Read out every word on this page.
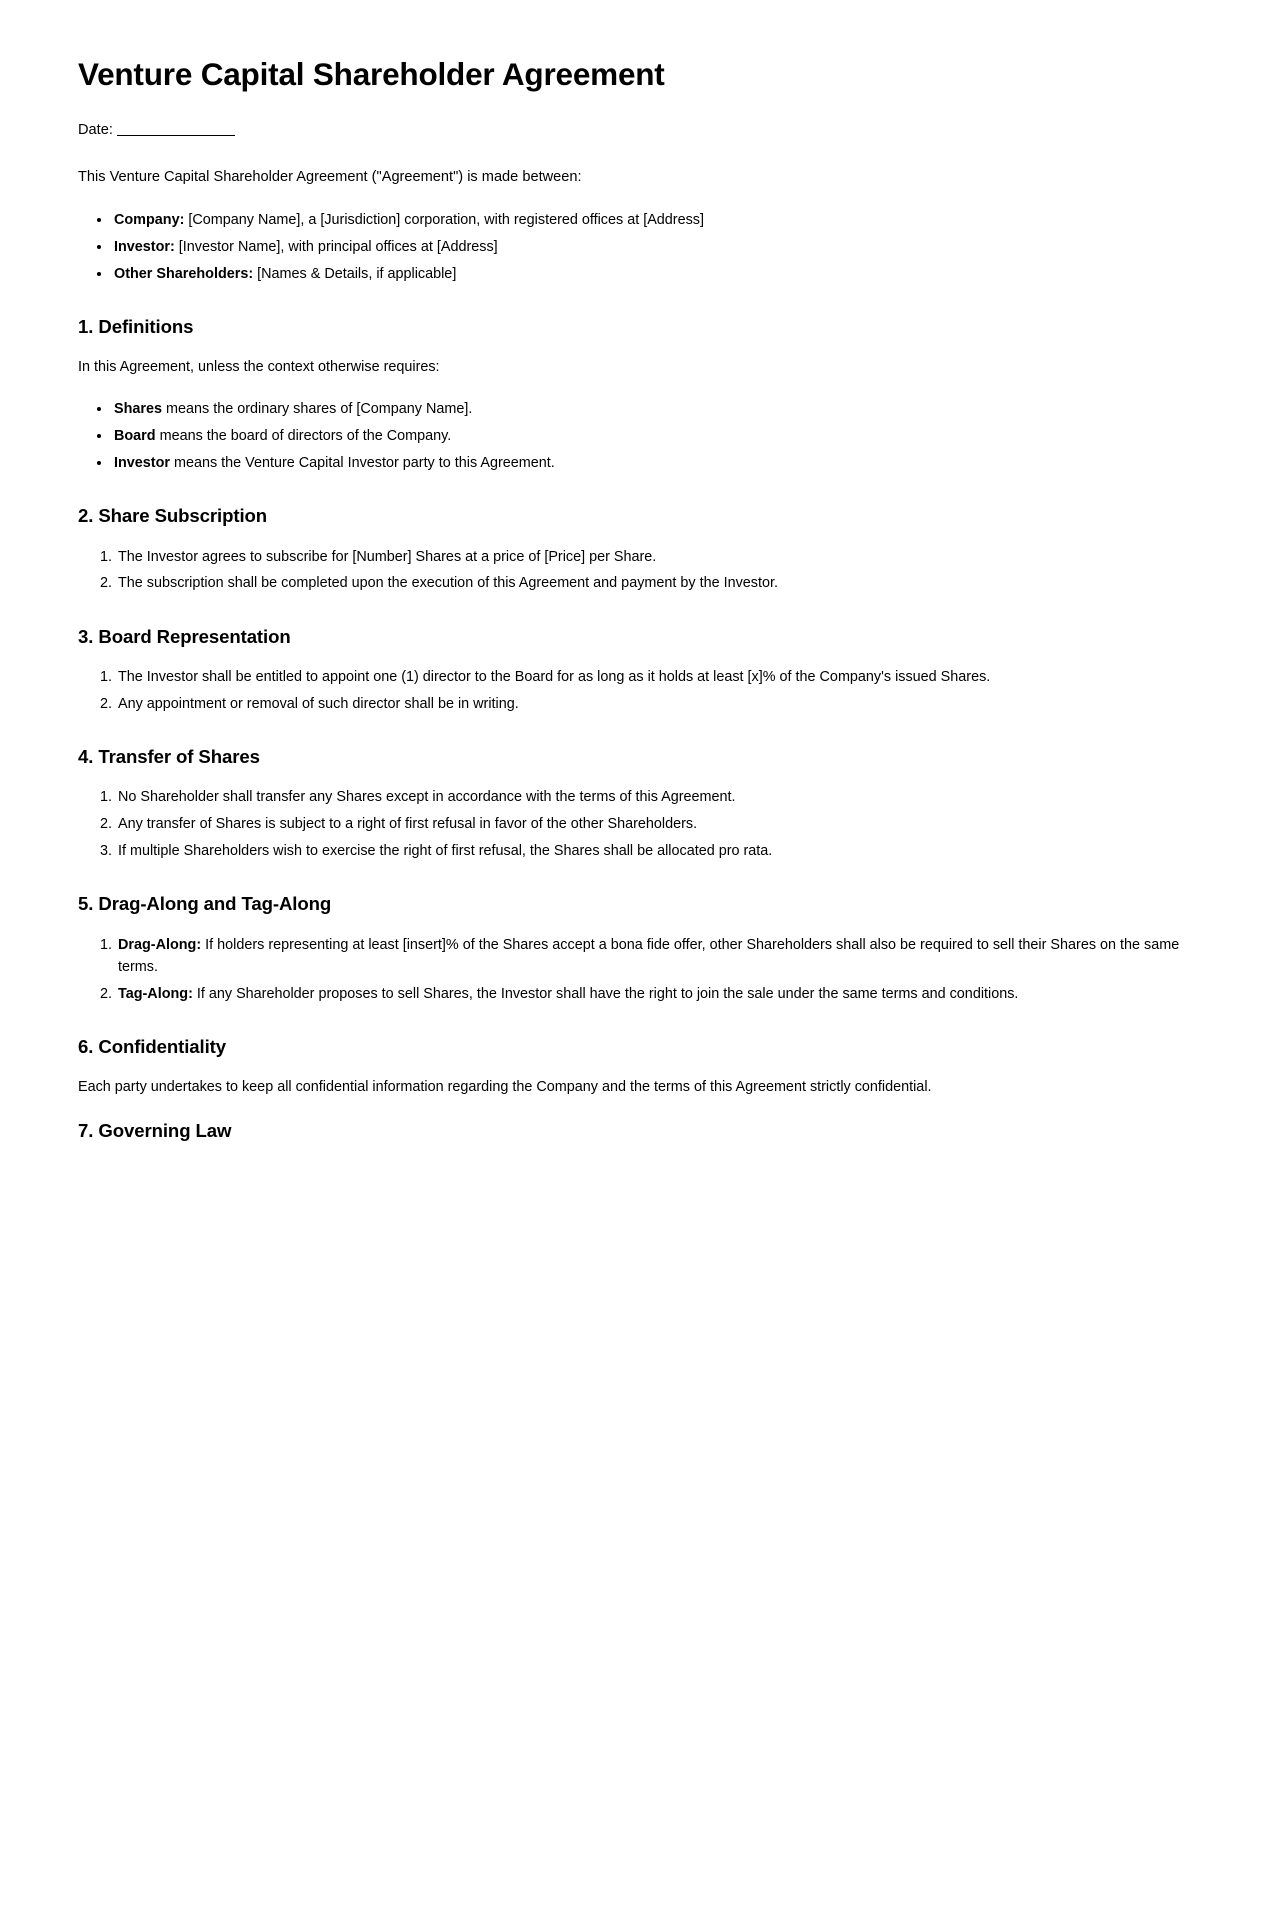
Venture Capital Shareholder Agreement
Date:

This Venture Capital Shareholder Agreement ("Agreement") is made between:

• Company: [Company Name], a [Jurisdiction] corporation, with registered offices at [Address]
• Investor: [Investor Name], with principal offices at [Address]
• Other Shareholders: [Names & Details, if applicable]
1. Definitions

In this Agreement, unless the context otherwise requires:

• Shares means the ordinary shares of [Company Name].
• Board means the board of directors of the Company.
• Investor means the Venture Capital Investor party to this Agreement.
2. Share Subscription
1. The Investor agrees to subscribe for [Number] Shares at a price of [Price] per Share.
2. The subscription shall be completed upon the execution of this Agreement and payment by the Investor.
3. Board Representation
1. The Investor shall be entitled to appoint one (1) director to the Board for as long as it holds at least [x]% of the Company's issued Shares.
2. Any appointment or removal of such director shall be in writing.
4. Transfer of Shares
1. No Shareholder shall transfer any Shares except in accordance with the terms of this Agreement.
2. Any transfer of Shares is subject to a right of first refusal in favor of the other Shareholders.
3. If multiple Shareholders wish to exercise the right of first refusal, the Shares shall be allocated pro rata.
5. Drag-Along and Tag-Along
1. Drag-Along: If holders representing at least [insert]% of the Shares accept a bona fide offer, other Shareholders shall also be required to sell their Shares on the same terms.
2. Tag-Along: If any Shareholder proposes to sell Shares, the Investor shall have the right to join the sale under the same terms and conditions.
6. Confidentiality

Each party undertakes to keep all confidential information regarding the Company and the terms of this Agreement strictly confidential.

7. Governing Law
